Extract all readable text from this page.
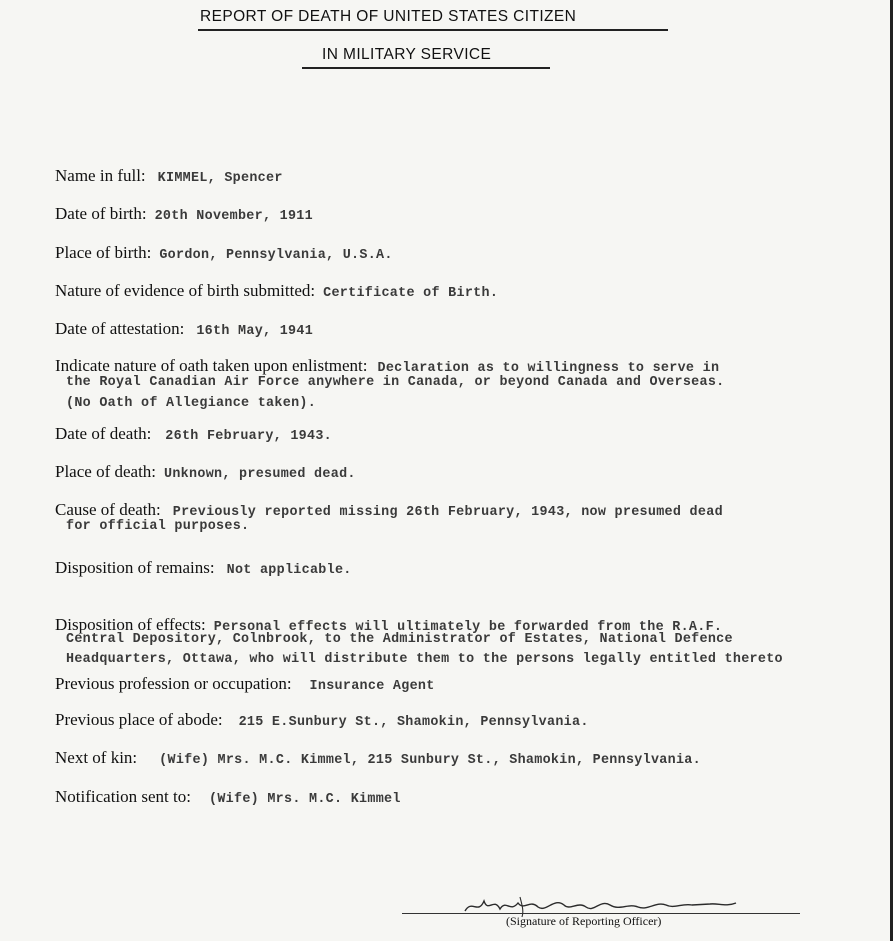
REPORT OF DEATH OF UNITED STATES CITIZEN
IN MILITARY SERVICE
Name in full: KIMMEL, Spencer
Date of birth: 20th November, 1911
Place of birth: Gordon, Pennsylvania, U.S.A.
Nature of evidence of birth submitted: Certificate of Birth.
Date of attestation: 16th May, 1941
Indicate nature of oath taken upon enlistment: Declaration as to willingness to serve in
the Royal Canadian Air Force anywhere in Canada, or beyond Canada and Overseas.
(No Oath of Allegiance taken).
Date of death: 26th February, 1943.
Place of death: Unknown, presumed dead.
Cause of death: Previously reported missing 26th February, 1943, now presumed dead
for official purposes.
Disposition of remains: Not applicable.
Disposition of effects: Personal effects will ultimately be forwarded from the R.A.F.
Central Depository, Colnbrook, to the Administrator of Estates, National Defence
Headquarters, Ottawa, who will distribute them to the persons legally entitled thereto
Previous profession or occupation: Insurance Agent
Previous place of abode: 215 E.Sunbury St., Shamokin, Pennsylvania.
Next of kin: (Wife) Mrs. M.C. Kimmel, 215 Sunbury St., Shamokin, Pennsylvania.
Notification sent to: (Wife) Mrs. M.C. Kimmel
(Signature of Reporting Officer)
